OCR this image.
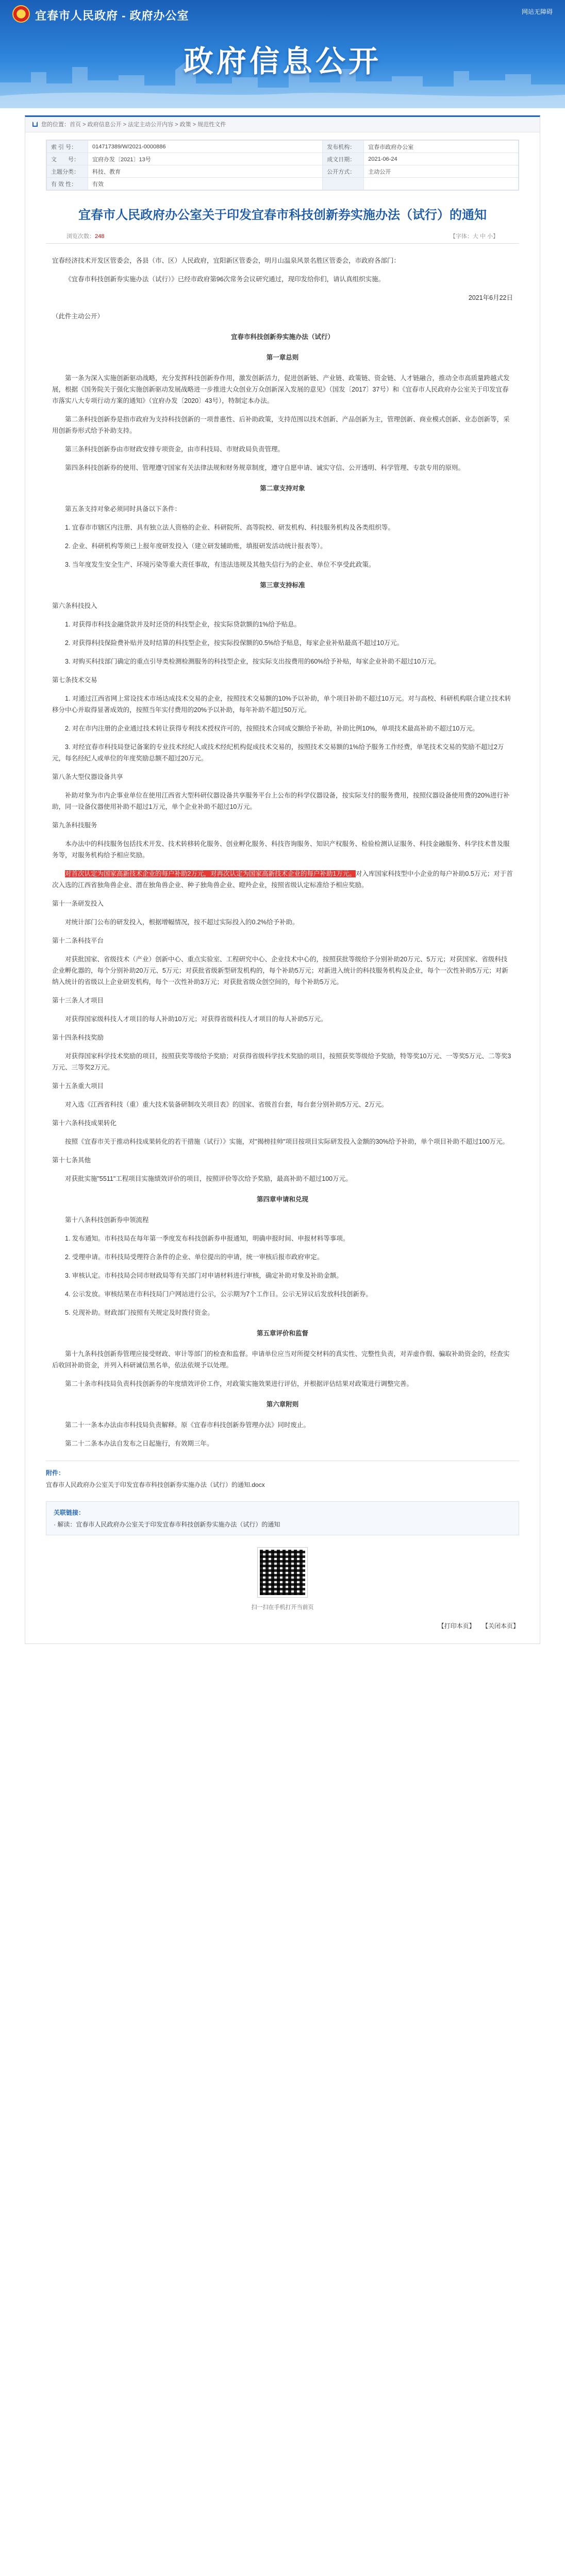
宜春市人民政府 - 政府办公室	网站无障碍
政府信息公开
您的位置：首页 > 政府信息公开 > 法定主动公开内容 > 政策 > 规范性文件
索 引 号：	014717389/W/2021-0000886	发布机构：	宜春市政府办公室
文　　号：	宜府办发〔2021〕13号	成文日期：	2021-06-24
主题分类：	科技、教育	公开方式：	主动公开
有 效 性：	有效		
宜春市人民政府办公室关于印发宜春市科技创新券实施办法（试行）的通知
浏览次数：248	【字体：大 中 小】

宜春经济技术开发区管委会，各县（市、区）人民政府，宜阳新区管委会，明月山温泉风景名胜区管委会，市政府各部门：

《宜春市科技创新券实施办法（试行）》已经市政府第96次常务会议研究通过，现印发给你们，请认真组织实施。

2021年6月22日

（此件主动公开）

宜春市科技创新券实施办法（试行）

第一章总则

第一条为深入实施创新驱动战略，充分发挥科技创新券作用，激发创新活力，促进创新链、产业链、政策链、资金链、人才链融合，推动全市高质量跨越式发展，根据《国务院关于强化实施创新驱动发展战略进一步推进大众创业万众创新深入发展的意见》（国发〔2017〕37号）和《宜春市人民政府办公室关于印发宜春市落实八大专项行动方案的通知》（宜府办发〔2020〕43号），特制定本办法。

第二条科技创新券是指市政府为支持科技创新的一项普惠性、后补助政策，支持范围以技术创新、产品创新为主，管理创新、商业模式创新、业态创新等，采用创新券形式给予补助支持。

第三条科技创新券由市财政安排专项资金，由市科技局、市财政局负责管理。

第四条科技创新券的使用、管理遵守国家有关法律法规和财务规章制度，遵守自愿申请、诚实守信、公开透明、科学管理、专款专用的原则。

第二章支持对象

第五条支持对象必须同时具备以下条件：

1. 宜春市市辖区内注册、具有独立法人资格的企业、科研院所、高等院校、研发机构、科技服务机构及各类组织等。

2. 企业、科研机构等须已上报年度研发投入（建立研发辅助账，填报研发活动统计报表等）。

3. 当年度发生安全生产、环境污染等重大责任事故，有违法违规及其他失信行为的企业、单位不享受此政策。

第三章支持标准

第六条科技投入

1. 对获得市科技金融贷款并及时还贷的科技型企业，按实际贷款额的1%给予贴息。

2. 对获得科技保险费补贴并及时结算的科技型企业，按实际投保额的0.5%给予贴息，每家企业补贴最高不超过10万元。

3. 对购买科技部门确定的重点引导类检测检测服务的科技型企业，按实际支出按费用的60%给予补贴，每家企业补助不超过10万元。

第七条技术交易

1. 对通过江西省网上常设技术市场达成技术交易的企业，按照技术交易额的10%予以补助，单个项目补助不超过10万元。对与高校、科研机构联合建立技术转移分中心并取得显著成效的，按照当年实付费用的20%予以补助，每年补助不超过50万元。

2. 对在市内注册的企业通过技术转让获得专利技术授权许可的，按照技术合同成交额给予补助，补助比例10%，单项技术最高补助不超过10万元。

3. 对经宜春市科技局登记备案的专业技术经纪人或技术经纪机构促成技术交易的，按照技术交易额的1%给予服务工作经费，单笔技术交易的奖励不超过2万元，每名经纪人或单位的年度奖励总额不超过20万元。

第八条大型仪器设备共享

补助对象为市内企事业单位在使用江西省大型科研仪器设备共享服务平台上公布的科学仪器设备，按实际支付的服务费用，按照仪器设备使用费的20%进行补助，同一设备仪器使用补助不超过1万元，单个企业补助不超过10万元。

第九条科技服务

本办法中的科技服务包括技术开发、技术转移转化服务、创业孵化服务、科技咨询服务、知识产权服务、检验检测认证服务、科技金融服务、科学技术普及服务等，对服务机构给予相应奖励。

对首次认定为国家高新技术企业的每户补助2万元，对再次认定为国家高新技术企业的每户补助1万元。对入库国家科技型中小企业的每户补助0.5万元；对于首次入选的江西省独角兽企业、潜在独角兽企业、种子独角兽企业、瞪羚企业，按照省级认定标准给予相应奖励。

第十一条研发投入

对统计部门公布的研发投入，根据增幅情况，按不超过实际投入的0.2%给予补助。

第十二条科技平台

对获批国家、省级技术（产业）创新中心、重点实验室、工程研究中心、企业技术中心的，按照获批等级给予分别补助20万元、5万元；对获国家、省级科技企业孵化器的，每个分别补助20万元、5万元；对获批省级新型研发机构的，每个补助5万元；对新进入统计的科技服务机构及企业，每个一次性补助5万元；对新纳入统计的省级以上企业研发机构，每个一次性补助3万元；对获批省级众创空间的，每个补助5万元。

第十三条人才项目

对获得国家级科技人才项目的每人补助10万元；对获得省级科技人才项目的每人补助5万元。

第十四条科技奖励

对获得国家科学技术奖励的项目，按照获奖等级给予奖励；对获得省级科学技术奖励的项目，按照获奖等级给予奖励，特等奖10万元、一等奖5万元、二等奖3万元、三等奖2万元。

第十五条重大项目

对入选《江西省科技（重）重大技术装备研制攻关项目表》的国家、省级首台套，每台套分别补助5万元、2万元。

第十六条科技成果转化

按照《宜春市关于推动科技成果转化的若干措施（试行）》实施，对"揭榜挂帅"项目按项目实际研发投入金额的30%给予补助，单个项目补助不超过100万元。

第十七条其他

对获批实施"5511"工程项目实施绩效评价的项目，按照评价等次给予奖励，最高补助不超过100万元。

第四章申请和兑现

第十八条科技创新券申领流程

1. 发布通知。市科技局在每年第一季度发布科技创新券申报通知，明确申报时间、申报材料等事项。

2. 受理申请。市科技局受理符合条件的企业、单位提出的申请，统一审核后报市政府审定。

3. 审核认定。市科技局会同市财政局等有关部门对申请材料进行审核，确定补助对象及补助金额。

4. 公示发放。审核结果在市科技局门户网站进行公示，公示期为7个工作日。公示无异议后发放科技创新券。

5. 兑现补助。财政部门按照有关规定及时拨付资金。

第五章评价和监督

第十九条科技创新券管理应接受财政、审计等部门的检查和监督。申请单位应当对所提交材料的真实性、完整性负责，对弄虚作假、骗取补助资金的，经查实后收回补助资金，并列入科研诚信黑名单，依法依规予以处理。

第二十条市科技局负责科技创新券的年度绩效评价工作，对政策实施效果进行评估，并根据评估结果对政策进行调整完善。

第六章附则

第二十一条本办法由市科技局负责解释。原《宜春市科技创新券管理办法》同时废止。

第二十二条本办法自发布之日起施行，有效期三年。

附件：
宜春市人民政府办公室关于印发宜春市科技创新券实施办法（试行）的通知.docx
关联链接：
· 解读：宜春市人民政府办公室关于印发宜春市科技创新券实施办法（试行）的通知
扫一扫在手机打开当前页
【打印本页】 【关闭本页】
